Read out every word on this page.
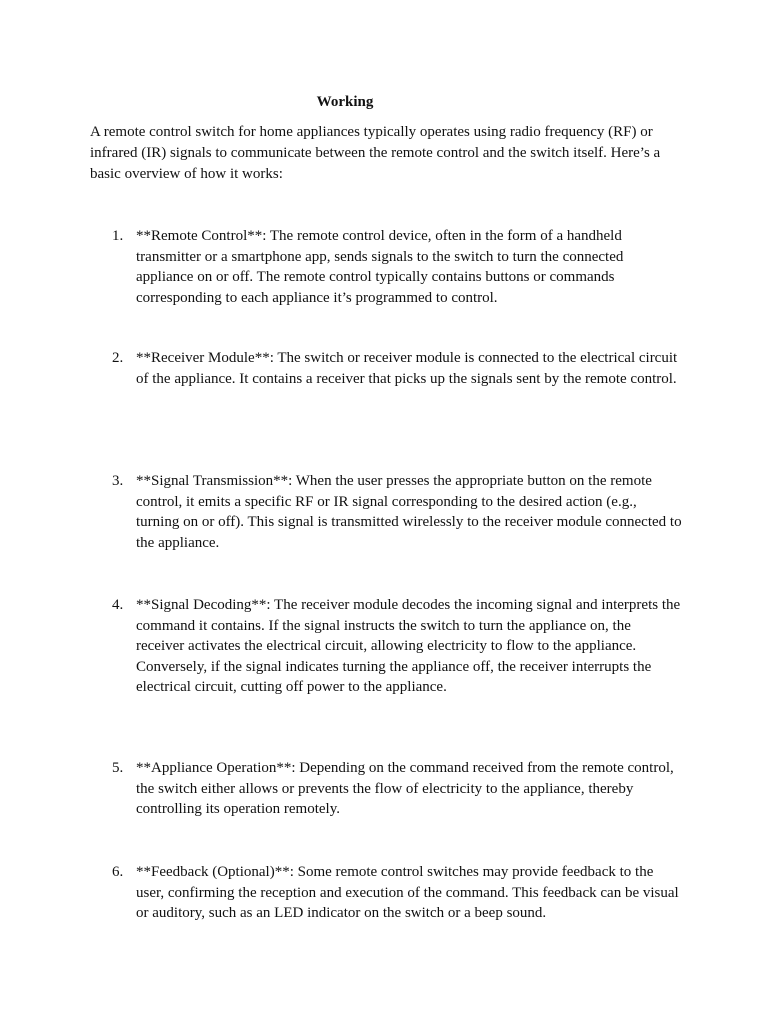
Working
A remote control switch for home appliances typically operates using radio frequency (RF) or infrared (IR) signals to communicate between the remote control and the switch itself. Here’s a basic overview of how it works:
1. **Remote Control**: The remote control device, often in the form of a handheld transmitter or a smartphone app, sends signals to the switch to turn the connected appliance on or off. The remote control typically contains buttons or commands corresponding to each appliance it’s programmed to control.
2. **Receiver Module**: The switch or receiver module is connected to the electrical circuit of the appliance. It contains a receiver that picks up the signals sent by the remote control.
3. **Signal Transmission**: When the user presses the appropriate button on the remote control, it emits a specific RF or IR signal corresponding to the desired action (e.g., turning on or off). This signal is transmitted wirelessly to the receiver module connected to the appliance.
4. **Signal Decoding**: The receiver module decodes the incoming signal and interprets the command it contains. If the signal instructs the switch to turn the appliance on, the receiver activates the electrical circuit, allowing electricity to flow to the appliance. Conversely, if the signal indicates turning the appliance off, the receiver interrupts the electrical circuit, cutting off power to the appliance.
5. **Appliance Operation**: Depending on the command received from the remote control, the switch either allows or prevents the flow of electricity to the appliance, thereby controlling its operation remotely.
6. **Feedback (Optional)**: Some remote control switches may provide feedback to the user, confirming the reception and execution of the command. This feedback can be visual or auditory, such as an LED indicator on the switch or a beep sound.
